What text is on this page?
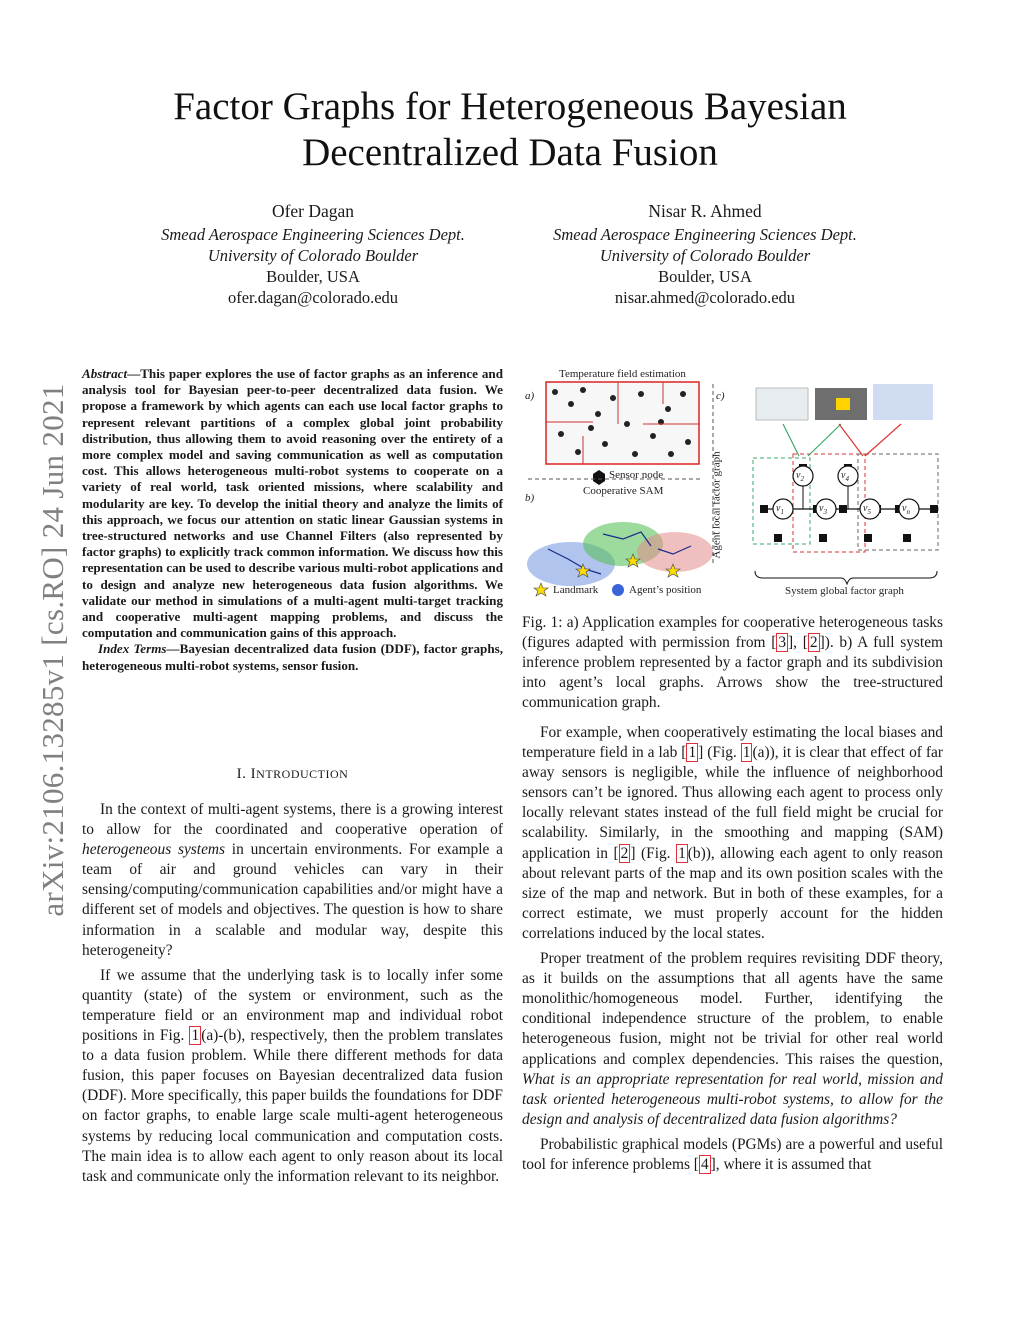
arXiv:2106.13285v1 [cs.RO] 24 Jun 2021
Factor Graphs for Heterogeneous Bayesian
Decentralized Data Fusion
Ofer Dagan
Smead Aerospace Engineering Sciences Dept.
University of Colorado Boulder
Boulder, USA
ofer.dagan@colorado.edu
Nisar R. Ahmed
Smead Aerospace Engineering Sciences Dept.
University of Colorado Boulder
Boulder, USA
nisar.ahmed@colorado.edu
Abstract—This paper explores the use of factor graphs as an inference and analysis tool for Bayesian peer-to-peer decentralized data fusion. We propose a framework by which agents can each use local factor graphs to represent relevant partitions of a complex global joint probability distribution, thus allowing them to avoid reasoning over the entirety of a more complex model and saving communication as well as computation cost. This allows heterogeneous multi-robot systems to cooperate on a variety of real world, task oriented missions, where scalability and modularity are key. To develop the initial theory and analyze the limits of this approach, we focus our attention on static linear Gaussian systems in tree-structured networks and use Channel Filters (also represented by factor graphs) to explicitly track common information. We discuss how this representation can be used to describe various multi-robot applications and to design and analyze new heterogeneous data fusion algorithms. We validate our method in simulations of a multi-agent multi-target tracking and cooperative multi-agent mapping problems, and discuss the computation and communication gains of this approach.
Index Terms—Bayesian decentralized data fusion (DDF), factor graphs, heterogeneous multi-robot systems, sensor fusion.
I. INTRODUCTION

In the context of multi-agent systems, there is a growing interest to allow for the coordinated and cooperative operation of heterogeneous systems in uncertain environments. For example a team of air and ground vehicles can vary in their sensing/computing/communication capabilities and/or might have a different set of models and objectives. The question is how to share information in a scalable and modular way, despite this heterogeneity?

If we assume that the underlying task is to locally infer some quantity (state) of the system or environment, such as the temperature field or an environment map and individual robot positions in Fig. 1 (a)-(b), respectively, then the problem translates to a data fusion problem. While there different methods for data fusion, this paper focuses on Bayesian decentralized data fusion (DDF). More specifically, this paper builds the foundations for DDF on factor graphs, to enable large scale multi-agent heterogeneous systems by reducing local communication and computation costs. The main idea is to allow each agent to only reason about its local task and communicate only the information relevant to its neighbor.

a)
Temperature field estimation
Sensor node
b)
Cooperative SAM
Landmark	Agent’s position
c)
Agent local factor graph
System global factor graph
$v_1$
$v_2$
$v_3$
$v_4$
$v_5$	$v_n$
Fig. 1: a) Application examples for cooperative heterogeneous tasks (figures adapted with permission from [ 3 ], [ 2 ]). b) A full system inference problem represented by a factor graph and its subdivision into agent’s local graphs. Arrows show the tree-structured communication graph.

For example, when cooperatively estimating the local biases and temperature field in a lab [ 1 ] (Fig. 1 (a)), it is clear that effect of far away sensors is negligible, while the influence of neighborhood sensors can’t be ignored. Thus allowing each agent to process only locally relevant states instead of the full field might be crucial for scalability. Similarly, in the smoothing and mapping (SAM) application in [ 2 ] (Fig. 1 (b)), allowing each agent to only reason about relevant parts of the map and its own position scales with the size of the map and network. But in both of these examples, for a correct estimate, we must properly account for the hidden correlations induced by the local states.

Proper treatment of the problem requires revisiting DDF theory, as it builds on the assumptions that all agents have the same monolithic/homogeneous model. Further, identifying the conditional independence structure of the problem, to enable heterogeneous fusion, might not be trivial for other real world applications and complex dependencies. This raises the question, What is an appropriate representation for real world, mission and task oriented heterogeneous multi-robot systems, to allow for the design and analysis of decentralized data fusion algorithms?

Probabilistic graphical models (PGMs) are a powerful and useful tool for inference problems [ 4 ], where it is assumed that
